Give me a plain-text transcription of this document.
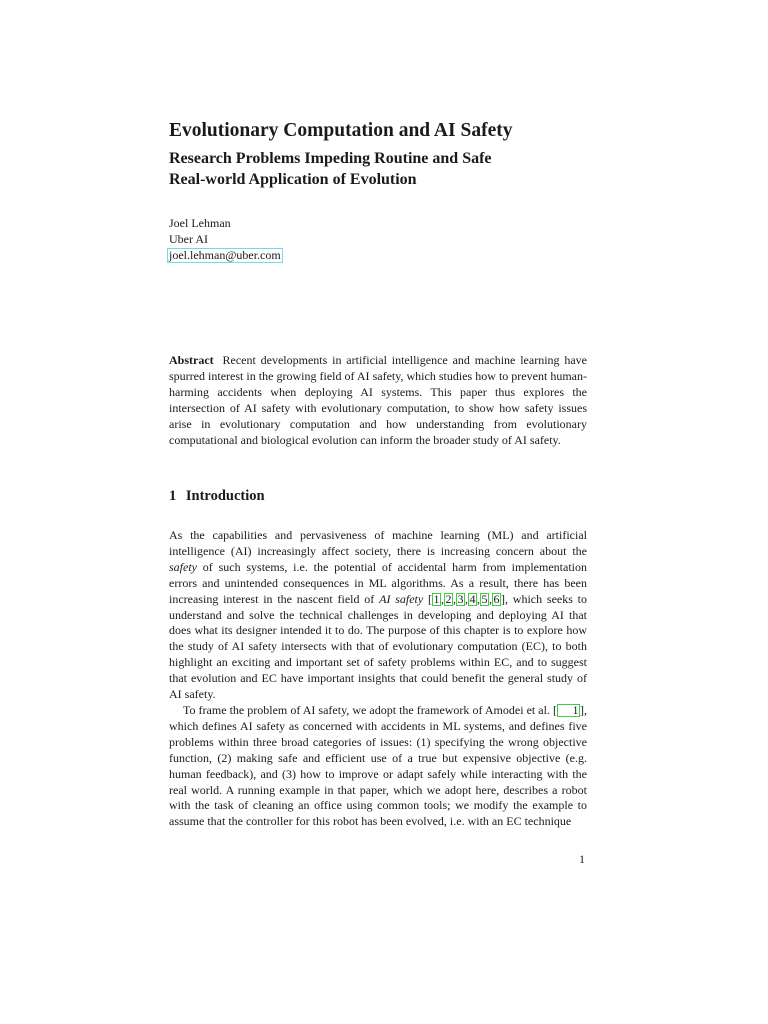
Evolutionary Computation and AI Safety
Research Problems Impeding Routine and Safe
Real-world Application of Evolution
Joel Lehman
Uber AI
joel.lehman@uber.com
Abstract Recent developments in artificial intelligence and machine learning have spurred interest in the growing field of AI safety, which studies how to prevent human-harming accidents when deploying AI systems. This paper thus explores the intersection of AI safety with evolutionary computation, to show how safety issues arise in evolutionary computation and how understanding from evolutionary computational and biological evolution can inform the broader study of AI safety.
1 Introduction

As the capabilities and pervasiveness of machine learning (ML) and artificial intelligence (AI) increasingly affect society, there is increasing concern about the safety of such systems, i.e. the potential of accidental harm from implementation errors and unintended consequences in ML algorithms. As a result, there has been increasing interest in the nascent field of AI safety [ 1 , 2 , 3 , 4 , 5 , 6 ], which seeks to understand and solve the technical challenges in developing and deploying AI that does what its designer intended it to do. The purpose of this chapter is to explore how the study of AI safety intersects with that of evolutionary computation (EC), to both highlight an exciting and important set of safety problems within EC, and to suggest that evolution and EC have important insights that could benefit the general study of AI safety.

To frame the problem of AI safety, we adopt the framework of Amodei et al. [ 1 ], which defines AI safety as concerned with accidents in ML systems, and defines five problems within three broad categories of issues: (1) specifying the wrong objective function, (2) making safe and efficient use of a true but expensive objective (e.g. human feedback), and (3) how to improve or adapt safely while interacting with the real world. A running example in that paper, which we adopt here, describes a robot with the task of cleaning an office using common tools; we modify the example to assume that the controller for this robot has been evolved, i.e. with an EC technique

1
